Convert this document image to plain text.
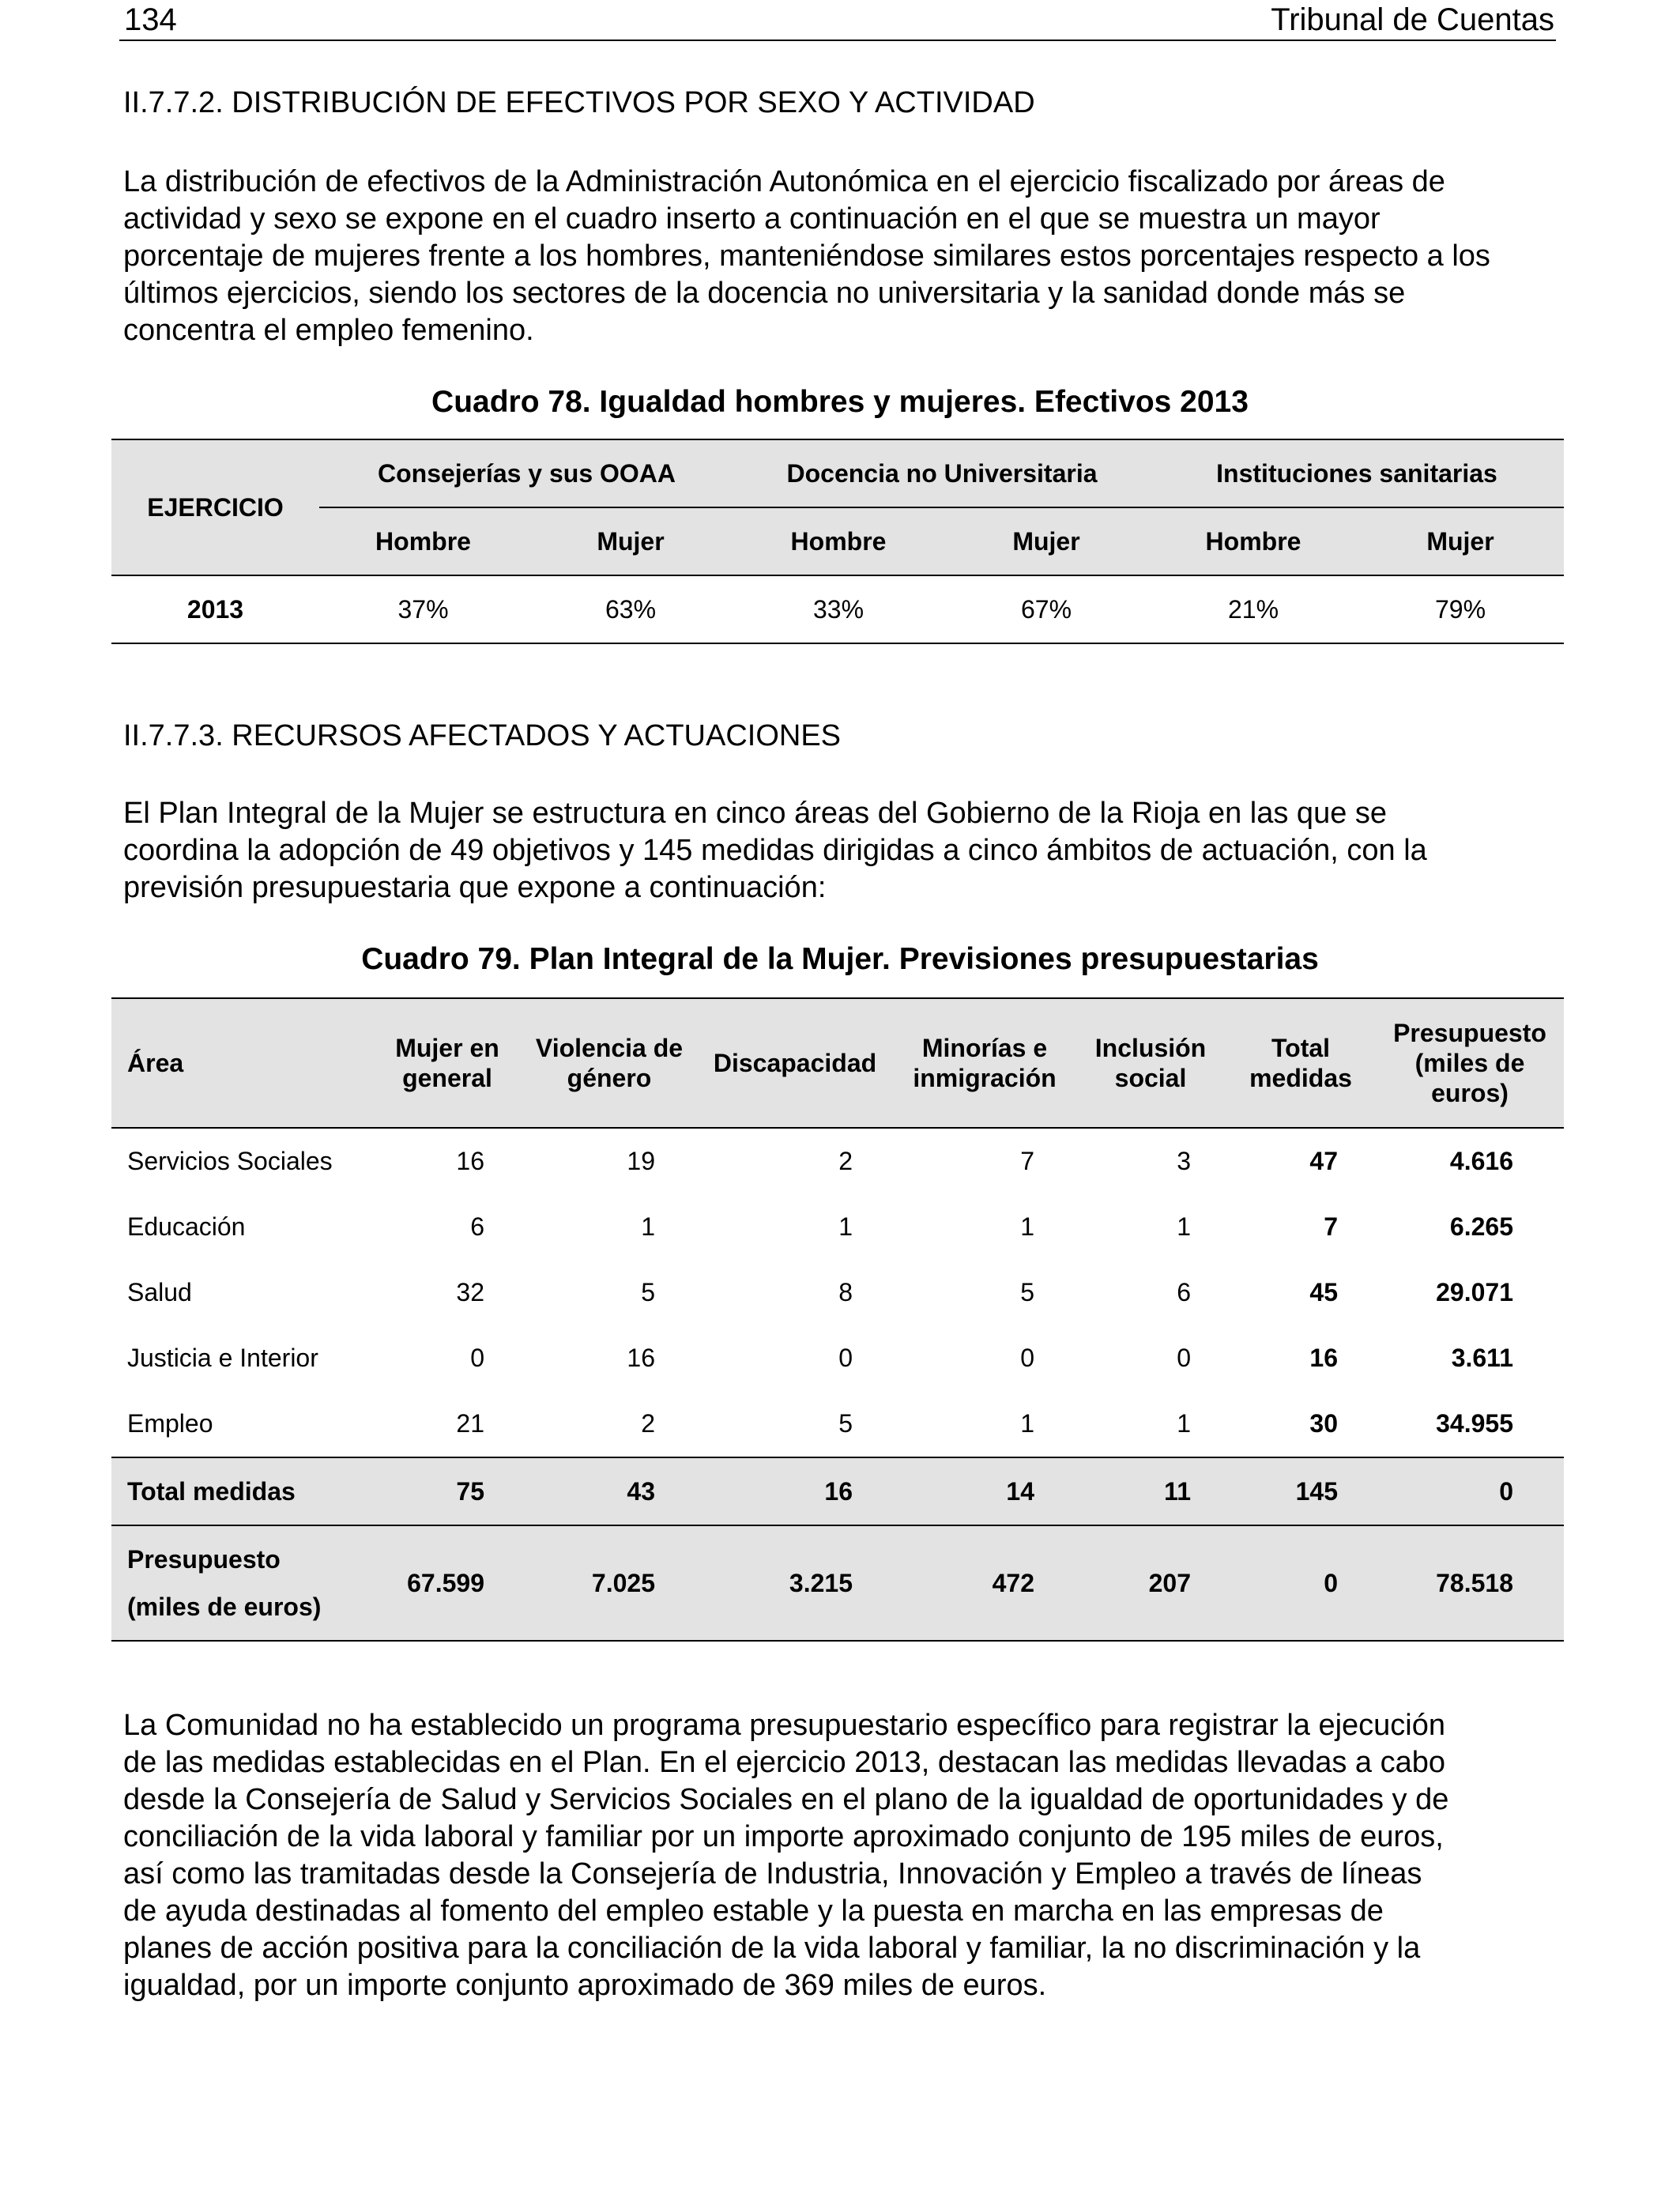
134	Tribunal de Cuentas
II.7.7.2. DISTRIBUCIÓN DE EFECTIVOS POR SEXO Y ACTIVIDAD

La distribución de efectivos de la Administración Autonómica en el ejercicio fiscalizado por áreas de

actividad y sexo se expone en el cuadro inserto a continuación en el que se muestra un mayor

porcentaje de mujeres frente a los hombres, manteniéndose similares estos porcentajes respecto a los

últimos ejercicios, siendo los sectores de la docencia no universitaria y la sanidad donde más se

concentra el empleo femenino.

Cuadro 78. Igualdad hombres y mujeres. Efectivos 2013
EJERCICIO	Consejerías y sus OOAA		Docencia no Universitaria		Instituciones sanitarias	
	Hombre	Mujer	Hombre	Mujer	Hombre	Mujer
2013	37%	63%	33%	67%	21%	79%
II.7.7.3. RECURSOS AFECTADOS Y ACTUACIONES

El Plan Integral de la Mujer se estructura en cinco áreas del Gobierno de la Rioja en las que se

coordina la adopción de 49 objetivos y 145 medidas dirigidas a cinco ámbitos de actuación, con la

previsión presupuestaria que expone a continuación:

Cuadro 79. Plan Integral de la Mujer. Previsiones presupuestarias
Área	Mujer en general	Violencia de género	Discapacidad	Minorías e inmigración	Inclusión social	Total medidas	Presupuesto (miles de euros)
Servicios Sociales	16	19	2	7	3	47	4.616
Educación	6	1	1	1	1	7	6.265
Salud	32	5	8	5	6	45	29.071
Justicia e Interior	0	16	0	0	0	16	3.611
Empleo	21	2	5	1	1	30	34.955
Total medidas	75	43	16	14	11	145	0
Presupuesto
(miles de euros)	67.599	7.025	3.215	472	207	0	78.518

La Comunidad no ha establecido un programa presupuestario específico para registrar la ejecución

de las medidas establecidas en el Plan. En el ejercicio 2013, destacan las medidas llevadas a cabo

desde la Consejería de Salud y Servicios Sociales en el plano de la igualdad de oportunidades y de

conciliación de la vida laboral y familiar por un importe aproximado conjunto de 195 miles de euros,

así como las tramitadas desde la Consejería de Industria, Innovación y Empleo a través de líneas

de ayuda destinadas al fomento del empleo estable y la puesta en marcha en las empresas de

planes de acción positiva para la conciliación de la vida laboral y familiar, la no discriminación y la

igualdad, por un importe conjunto aproximado de 369 miles de euros.
